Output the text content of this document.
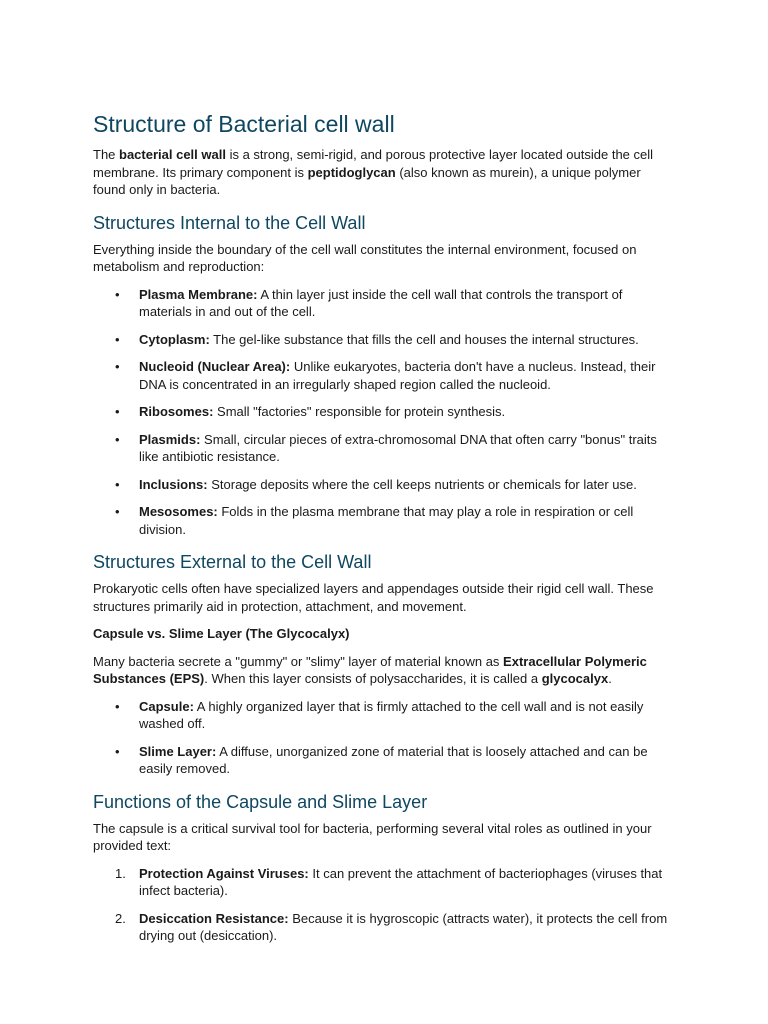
Structure of Bacterial cell wall

The bacterial cell wall is a strong, semi-rigid, and porous protective layer located outside the cell membrane. Its primary component is peptidoglycan (also known as murein), a unique polymer found only in bacteria.

Structures Internal to the Cell Wall

Everything inside the boundary of the cell wall constitutes the internal environment, focused on metabolism and reproduction:

• Plasma Membrane: A thin layer just inside the cell wall that controls the transport of materials in and out of the cell.
• Cytoplasm: The gel-like substance that fills the cell and houses the internal structures.
• Nucleoid (Nuclear Area): Unlike eukaryotes, bacteria don't have a nucleus. Instead, their DNA is concentrated in an irregularly shaped region called the nucleoid.
• Ribosomes: Small "factories" responsible for protein synthesis.
• Plasmids: Small, circular pieces of extra-chromosomal DNA that often carry "bonus" traits like antibiotic resistance.
• Inclusions: Storage deposits where the cell keeps nutrients or chemicals for later use.
• Mesosomes: Folds in the plasma membrane that may play a role in respiration or cell division.
Structures External to the Cell Wall

Prokaryotic cells often have specialized layers and appendages outside their rigid cell wall. These structures primarily aid in protection, attachment, and movement.

Capsule vs. Slime Layer (The Glycocalyx)

Many bacteria secrete a "gummy" or "slimy" layer of material known as Extracellular Polymeric Substances (EPS). When this layer consists of polysaccharides, it is called a glycocalyx.

• Capsule: A highly organized layer that is firmly attached to the cell wall and is not easily washed off.
• Slime Layer: A diffuse, unorganized zone of material that is loosely attached and can be easily removed.
Functions of the Capsule and Slime Layer

The capsule is a critical survival tool for bacteria, performing several vital roles as outlined in your provided text:

1. Protection Against Viruses: It can prevent the attachment of bacteriophages (viruses that infect bacteria).
2. Desiccation Resistance: Because it is hygroscopic (attracts water), it protects the cell from drying out (desiccation).
